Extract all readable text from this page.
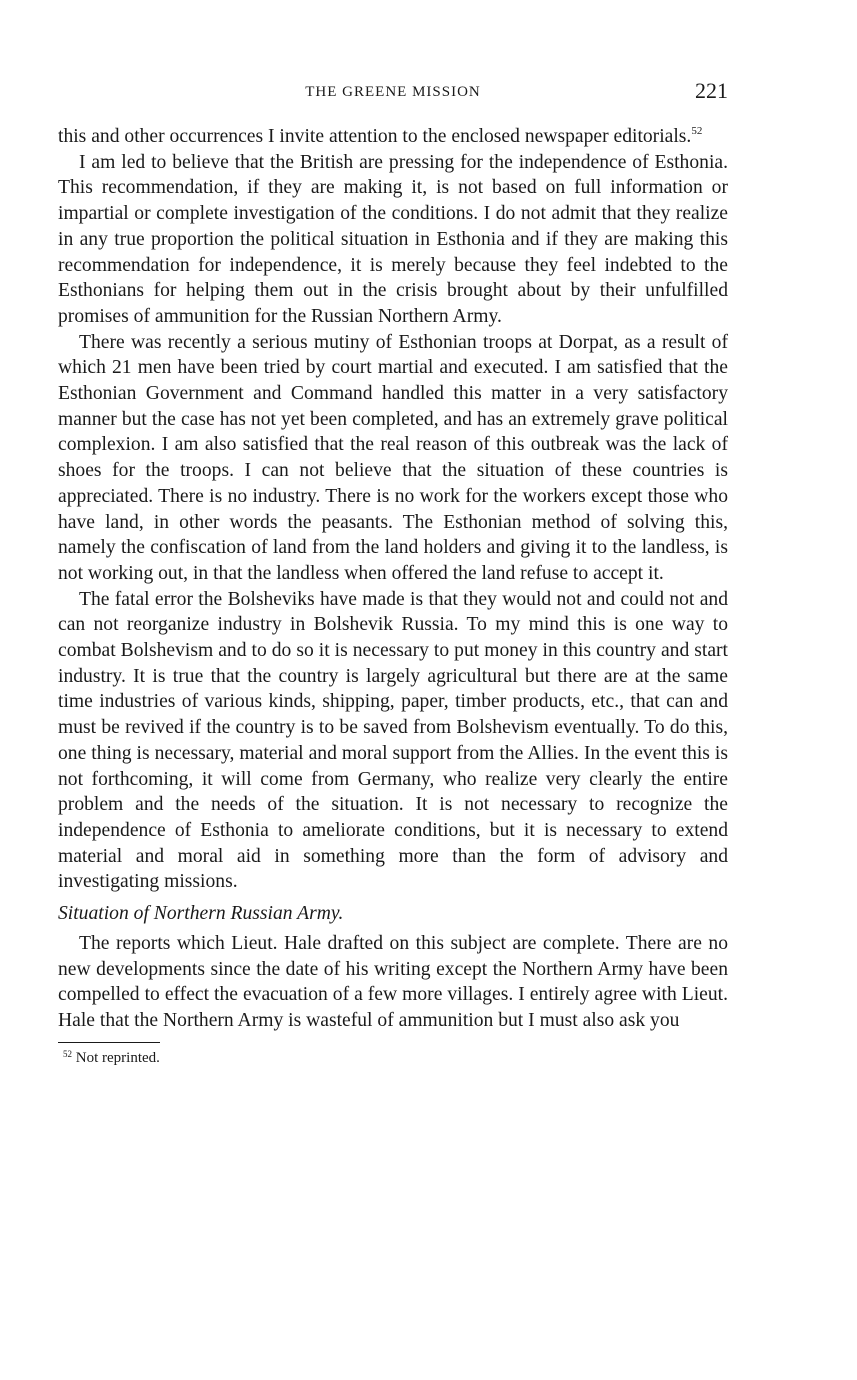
THE GREENE MISSION	221

this and other occurrences I invite attention to the enclosed newspaper editorials.$^{52}$

I am led to believe that the British are pressing for the independence of Esthonia. This recommendation, if they are making it, is not based on full information or impartial or complete investigation of the conditions. I do not admit that they realize in any true proportion the political situation in Esthonia and if they are making this recommendation for independence, it is merely because they feel indebted to the Esthonians for helping them out in the crisis brought about by their unfulfilled promises of ammunition for the Russian Northern Army.

There was recently a serious mutiny of Esthonian troops at Dorpat, as a result of which 21 men have been tried by court martial and executed. I am satisfied that the Esthonian Government and Command handled this matter in a very satisfactory manner but the case has not yet been completed, and has an extremely grave political complexion. I am also satisfied that the real reason of this outbreak was the lack of shoes for the troops. I can not believe that the situation of these countries is appreciated. There is no industry. There is no work for the workers except those who have land, in other words the peasants. The Esthonian method of solving this, namely the confiscation of land from the land holders and giving it to the landless, is not working out, in that the landless when offered the land refuse to accept it.

The fatal error the Bolsheviks have made is that they would not and could not and can not reorganize industry in Bolshevik Russia. To my mind this is one way to combat Bolshevism and to do so it is necessary to put money in this country and start industry. It is true that the country is largely agricultural but there are at the same time industries of various kinds, shipping, paper, timber products, etc., that can and must be revived if the country is to be saved from Bolshevism eventually. To do this, one thing is necessary, material and moral support from the Allies. In the event this is not forthcoming, it will come from Germany, who realize very clearly the entire problem and the needs of the situation. It is not necessary to recognize the independence of Esthonia to ameliorate conditions, but it is necessary to extend material and moral aid in something more than the form of advisory and investigating missions.

Situation of Northern Russian Army.

The reports which Lieut. Hale drafted on this subject are complete. There are no new developments since the date of his writing except the Northern Army have been compelled to effect the evacuation of a few more villages. I entirely agree with Lieut. Hale that the Northern Army is wasteful of ammunition but I must also ask you

$^{52}$ Not reprinted.
